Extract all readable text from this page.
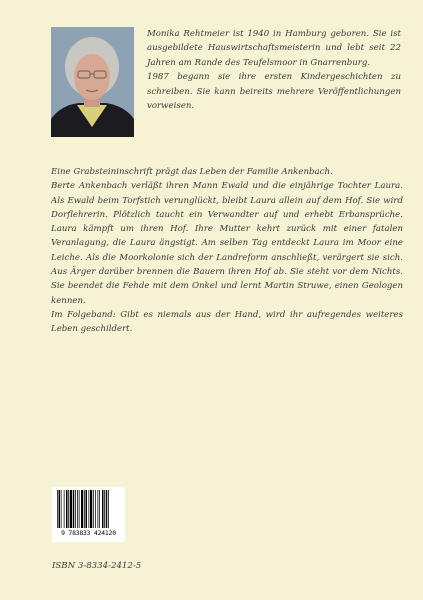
Monika Rehtmeier ist 1940 in Hamburg geboren. Sie ist ausgebildete Hauswirtschaftsmeisterin und lebt seit 22 Jahren am Rande des Teufelsmoor in Gnarrenburg.

1987 begann sie ihre ersten Kindergeschichten zu schreiben. Sie kann beireits mehrere Veröffentlichungen vorweisen.

Eine Grabsteininschrift prägt das Leben der Familie Ankenbach.

Berte Ankenbach verläßt ihren Mann Ewald und die einjährige Tochter Laura. Als Ewald beim Torfstich verunglückt, bleibt Laura allein auf dem Hof. Sie wird Dorflehrerin. Plötzlich taucht ein Verwandter auf und erhebt Erbansprüche. Laura kämpft um ihren Hof. Ihre Mutter kehrt zurück mit einer fatalen Veranlagung, die Laura ängstigt. Am selben Tag entdeckt Laura im Moor eine Leiche. Als die Moorkolonie sich der Landreform anschließt, verärgert sie sich. Aus Ärger darüber brennen die Bauern ihren Hof ab. Sie steht vor dem Nichts. Sie beendet die Fehde mit dem Onkel und lernt Martin Struwe, einen Geologen kennen.

Im Folgeband: Gibt es niemals aus der Hand, wird ihr aufregendes weiteres Leben geschildert.

9 783833 424120
ISBN 3-8334-2412-5
